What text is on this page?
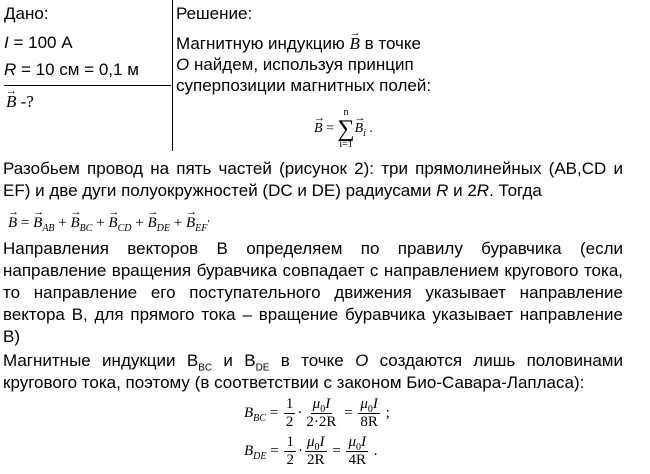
Дано:
I = 100 А
R = 10 см = 0,1 м
→ B -?
Решение:
Магнитную индукцию → B в точке
O найдем, используя принцип
суперпозиции магнитных полей:
→ B =
n
∑
i=1
→ $B_i$ .
Разобьем провод на пять частей (рисунок 2): три прямолинейных (AB,CD и EF) и две дуги полуокружностей (DC и DE) радиусами R и 2R. Тогда
→ B = → $B_{AB}$ + → $B_{BC}$ + → $B_{CD}$ + → $B_{DE}$ + → $B_{EF}^,$
Направления векторов В определяем по правилу буравчика (если направление вращения буравчика совпадает с направлением кругового тока, то направление его поступательного движения указывает направление вектора В, для прямого тока – вращение буравчика указывает направление В)
Магнитные индукции $B_{BC}$ и $B_{DE}$ в точке O создаются лишь половинами кругового тока, поэтому (в соответствии с законом Био-Савара-Лапласа):
$B_{BC} = \frac{1}{2} \cdot \frac{\mu_0I}{2\cdot 2R} = \frac{\mu_0I}{8R}$ ;
$B_{DE} = \frac{1}{2} \cdot \frac{\mu_0I}{2R} = \frac{\mu_0I}{4R}$ .
